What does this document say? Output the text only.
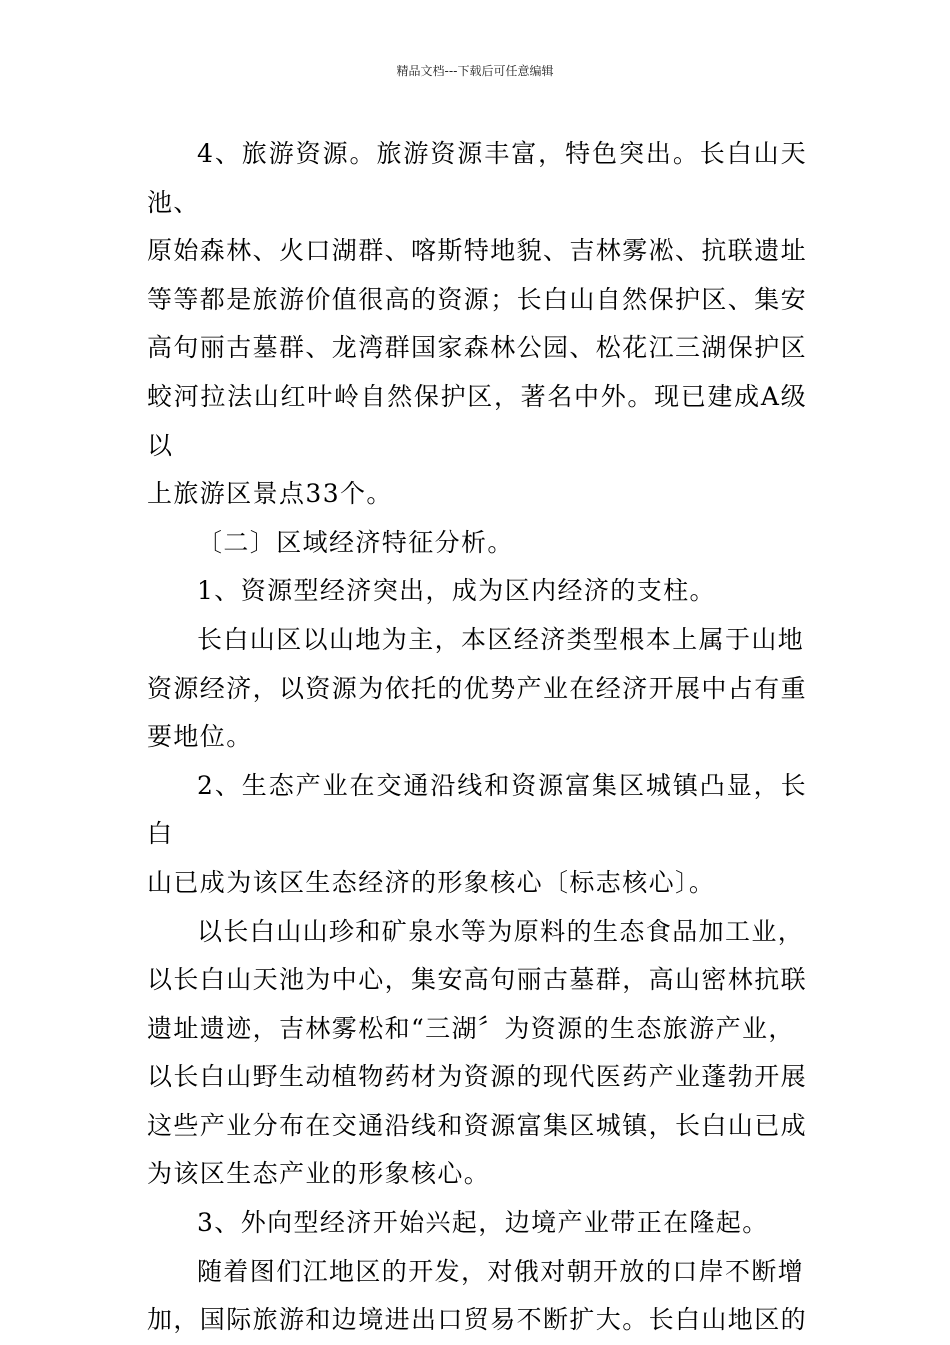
精品文档---下载后可任意编辑

4、旅游资源。旅游资源丰富，特色突出。长白山天池、
原始森林、火口湖群、喀斯特地貌、吉林雾凇、抗联遗址
等等都是旅游价值很高的资源；长白山自然保护区、集安
高句丽古墓群、龙湾群国家森林公园、松花江三湖保护区
蛟河拉法山红叶岭自然保护区，著名中外。现已建成A级以
上旅游区景点33个。

〔二〕区域经济特征分析。

1、资源型经济突出，成为区内经济的支柱。

长白山区以山地为主，本区经济类型根本上属于山地
资源经济，以资源为依托的优势产业在经济开展中占有重
要地位。

2、生态产业在交通沿线和资源富集区城镇凸显，长白
山已成为该区生态经济的形象核心〔标志核心〕。

以长白山山珍和矿泉水等为原料的生态食品加工业，
以长白山天池为中心，集安高句丽古墓群，高山密林抗联
遗址遗迹，吉林雾松和“三湖〞为资源的生态旅游产业，
以长白山野生动植物药材为资源的现代医药产业蓬勃开展
这些产业分布在交通沿线和资源富集区城镇，长白山已成
为该区生态产业的形象核心。

3、外向型经济开始兴起，边境产业带正在隆起。

随着图们江地区的开发，对俄对朝开放的口岸不断增
加，国际旅游和边境进出口贸易不断扩大。长白山地区的
